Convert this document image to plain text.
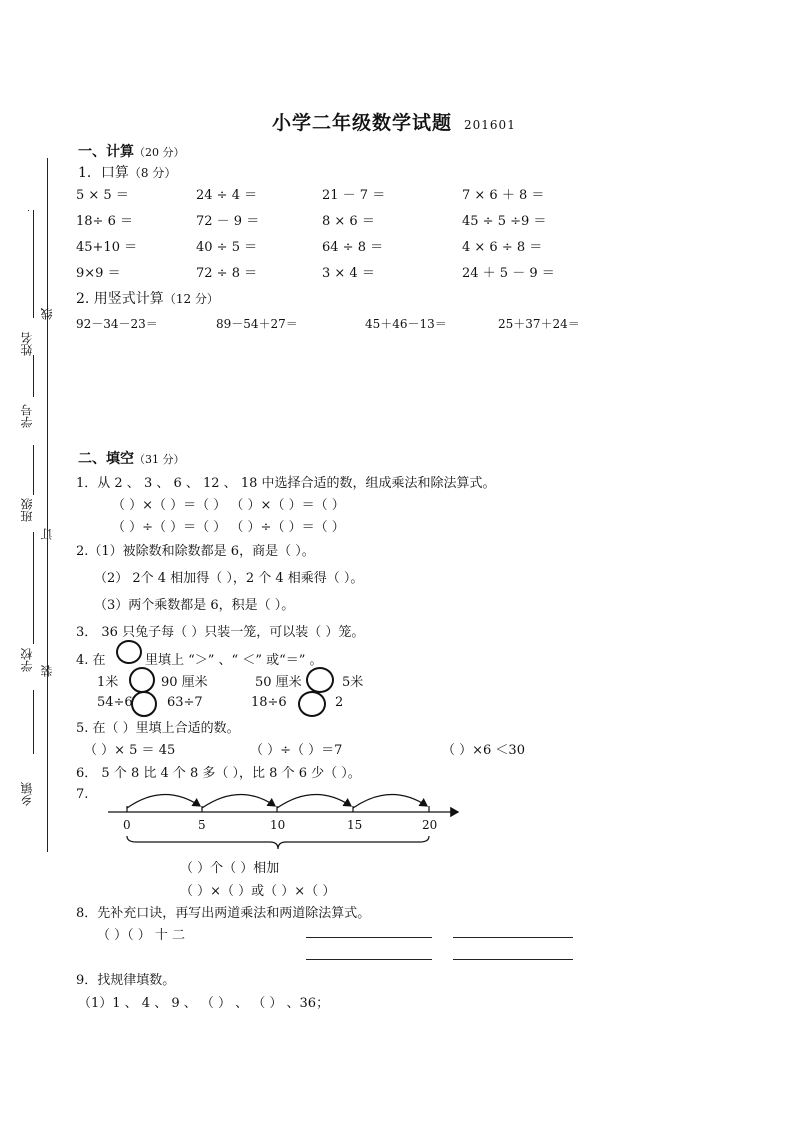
小学二年级数学试题 201601
线
订
装
姓名
学号
班级
学校
乡镇
一、计算（20 分）
1．口算（8 分）
5 × 5 ＝	24 ÷ 4 ＝	21 － 7 ＝	7 × 6 ＋ 8 ＝
18÷ 6 ＝	72 － 9 ＝	8 × 6 ＝	45 ÷ 5 ÷9 ＝
45+10 ＝	40 ÷ 5 ＝	64 ÷ 8 ＝	4 × 6 ÷ 8 ＝
9×9 ＝	72 ÷ 8 ＝	3 × 4 ＝	24 ＋ 5 － 9 ＝
2. 用竖式计算（12 分）
92－34－23＝	89－54＋27＝	45＋46－13＝	25＋37＋24＝
二、填空（31 分）
1．从 2 、 3 、 6 、 12 、 18 中选择合适的数，组成乘法和除法算式。
（ ）×（ ）＝（ ） （ ）×（ ）＝（ ）
（ ）÷（ ）＝（ ） （ ）÷（ ）＝（ ）
2.（1）被除数和除数都是 6，商是（ ）。
（2） 2个 4 相加得（ ），2 个 4 相乘得（ ）。
（3）两个乘数都是 6，积是（ ）。
3． 36 只兔子每（ ）只装一笼，可以装（ ）笼。
4. 在	里填上 “＞” 、“ ＜” 或“＝” 。
1米	90 厘米	50 厘米	5米
54÷6	63÷7	18÷6	2
5. 在（ ）里填上合适的数。
（ ）× 5 ＝ 45	（ ）÷（ ）＝7	（ ）×6 ＜30
6． 5 个 8 比 4 个 8 多（ ），比 8 个 6 少（ ）。
7.
0	5	10	15	20
（ ）个（ ）相加
（ ）×（ ）或（ ）×（ ）
8．先补充口诀，再写出两道乘法和两道除法算式。
（ ）（ ） 十 二
9．找规律填数。
（1）1 、 4 、 9 、 （ ） 、 （ ） 、36；
